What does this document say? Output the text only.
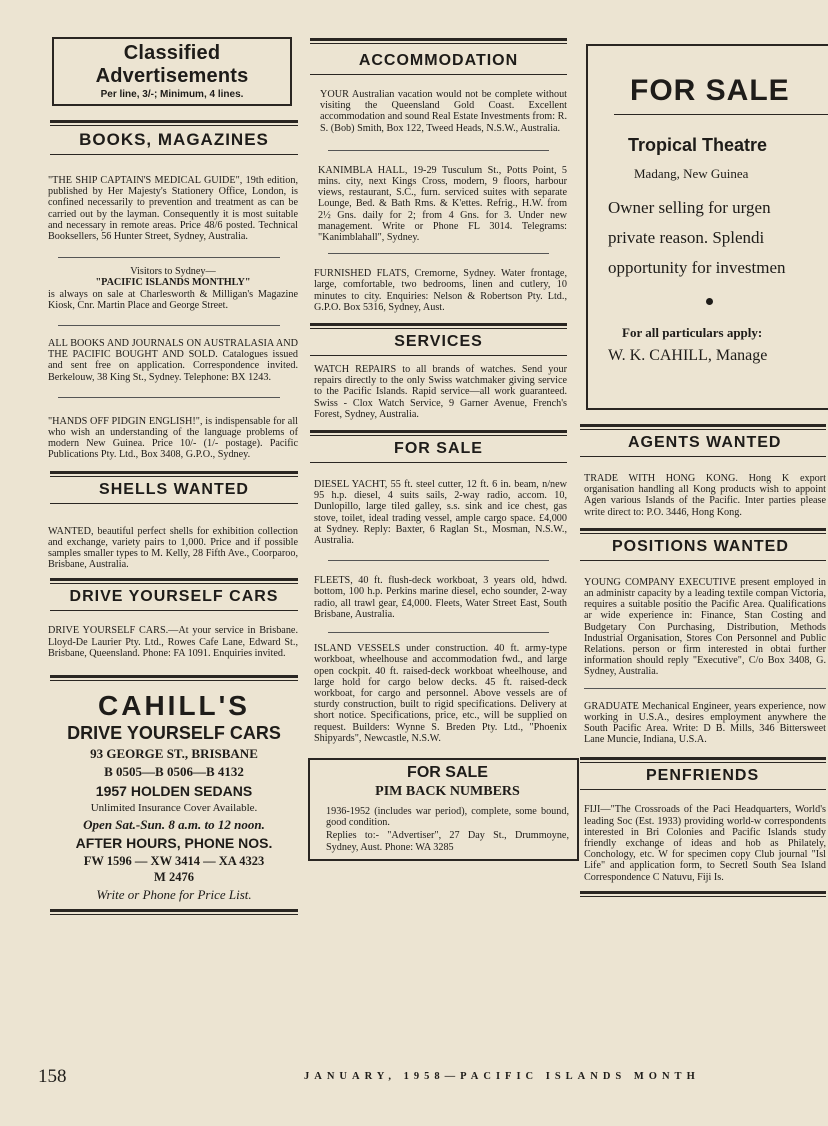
Classified Advertisements
Per line, 3/-; Minimum, 4 lines.
BOOKS, MAGAZINES

"THE SHIP CAPTAIN'S MEDICAL GUIDE", 19th edition, published by Her Majesty's Stationery Office, London, is confined necessarily to prevention and treatment as can be carried out by the layman. Consequently it is most suitable and necessary in remote areas. Price 48/6 posted. Technical Booksellers, 56 Hunter Street, Sydney, Australia.

Visitors to Sydney—
"PACIFIC ISLANDS MONTHLY"

is always on sale at Charlesworth & Milligan's Magazine Kiosk, Cnr. Martin Place and George Street.

ALL BOOKS AND JOURNALS ON AUSTRALASIA AND THE PACIFIC BOUGHT AND SOLD. Catalogues issued and sent free on application. Correspondence invited. Berkelouw, 38 King St., Sydney. Telephone: BX 1243.

"HANDS OFF PIDGIN ENGLISH!", is indispensable for all who wish an understanding of the language problems of modern New Guinea. Price 10/- (1/- postage). Pacific Publications Pty. Ltd., Box 3408, G.P.O., Sydney.

SHELLS WANTED

WANTED, beautiful perfect shells for exhibition collection and exchange, variety pairs to 1,000. Price and if possible samples smaller types to M. Kelly, 28 Fifth Ave., Coorparoo, Brisbane, Australia.

DRIVE YOURSELF CARS

DRIVE YOURSELF CARS.—At your service in Brisbane. Lloyd-De Laurier Pty. Ltd., Rowes Cafe Lane, Edward St., Brisbane, Queensland. Phone: FA 1091. Enquiries invited.

CAHILL'S
DRIVE YOURSELF CARS
93 GEORGE ST., BRISBANE
B 0505—B 0506—B 4132
1957 HOLDEN SEDANS
Unlimited Insurance Cover Available.
Open Sat.-Sun. 8 a.m. to 12 noon.
AFTER HOURS, PHONE NOS.
FW 1596 — XW 3414 — XA 4323
M 2476
Write or Phone for Price List.
ACCOMMODATION

YOUR Australian vacation would not be complete without visiting the Queensland Gold Coast. Excellent accommodation and sound Real Estate Investments from: R. S. (Bob) Smith, Box 122, Tweed Heads, N.S.W., Australia.

KANIMBLA HALL, 19-29 Tusculum St., Potts Point, 5 mins. city, next Kings Cross, modern, 9 floors, harbour views, restaurant, S.C., furn. serviced suites with separate Lounge, Bed. & Bath Rms. & K'ettes. Refrig., H.W. from 2½ Gns. daily for 2; from 4 Gns. for 3. Under new management. Write or Phone FL 3014. Telegrams: "Kanimblahall", Sydney.

FURNISHED FLATS, Cremorne, Sydney. Water frontage, large, comfortable, two bedrooms, linen and cutlery, 10 minutes to city. Enquiries: Nelson & Robertson Pty. Ltd., G.P.O. Box 5316, Sydney, Aust.

SERVICES

WATCH REPAIRS to all brands of watches. Send your repairs directly to the only Swiss watchmaker giving service to the Pacific Islands. Rapid service—all work guaranteed. Swiss - Clox Watch Service, 9 Garner Avenue, French's Forest, Sydney, Australia.

FOR SALE

DIESEL YACHT, 55 ft. steel cutter, 12 ft. 6 in. beam, n/new 95 h.p. diesel, 4 suits sails, 2-way radio, accom. 10, Dunlopillo, large tiled galley, s.s. sink and ice chest, gas stove, toilet, ideal trading vessel, ample cargo space. £4,000 at Sydney. Reply: Baxter, 6 Raglan St., Mosman, N.S.W., Australia.

FLEETS, 40 ft. flush-deck workboat, 3 years old, hdwd. bottom, 100 h.p. Perkins marine diesel, echo sounder, 2-way radio, all trawl gear, £4,000. Fleets, Water Street East, South Brisbane, Australia.

ISLAND VESSELS under construction. 40 ft. army-type workboat, wheelhouse and accommodation fwd., and large open cockpit. 40 ft. raised-deck workboat wheelhouse, and large hold for cargo below decks. 45 ft. raised-deck workboat, for cargo and personnel. Above vessels are of sturdy construction, built to rigid specifications. Delivery at short notice. Specifications, price, etc., will be supplied on request. Builders: Wynne S. Breden Pty. Ltd., "Phoenix Shipyards", Newcastle, N.S.W.

FOR SALE
PIM BACK NUMBERS

1936-1952 (includes war period), complete, some bound, good condition.

Replies to:- "Advertiser", 27 Day St., Drummoyne, Sydney, Aust. Phone: WA 3285

FOR SALE
Tropical Theatre
Madang, New Guinea
Owner selling for urgen
private reason. Splendi
opportunity for investmen
For all particulars apply:
W. K. CAHILL, Manage
AGENTS WANTED

TRADE WITH HONG KONG. Hong K export organisation handling all Kong products wish to appoint Agen various Islands of the Pacific. Inter parties please write direct to: P.O. 3446, Hong Kong.

POSITIONS WANTED

YOUNG COMPANY EXECUTIVE present employed in an administr capacity by a leading textile compan Victoria, requires a suitable positio the Pacific Area. Qualifications ar wide experience in: Finance, Stan Costing and Budgetary Con Purchasing, Distribution, Methods Industrial Organisation, Stores Con Personnel and Public Relations. person or firm interested in obtai further information should reply "Executive", C/o Box 3408, G. Sydney, Australia.

GRADUATE Mechanical Engineer, years experience, now working in U.S.A., desires employment anywhere the South Pacific Area. Write: D B. Mills, 346 Bittersweet Lane Muncie, Indiana, U.S.A.

PENFRIENDS

FIJI—"The Crossroads of the Paci Headquarters, World's leading Soc (Est. 1933) providing world-w correspondents interested in Bri Colonies and Pacific Islands study friendly exchange of ideas and hob as Philately, Conchology, etc. W for specimen copy Club journal "Isl Life" and application form, to Secretl South Sea Island Correspondence C Natuvu, Fiji Is.

158	JANUARY, 1958—PACIFIC ISLANDS MONTH
